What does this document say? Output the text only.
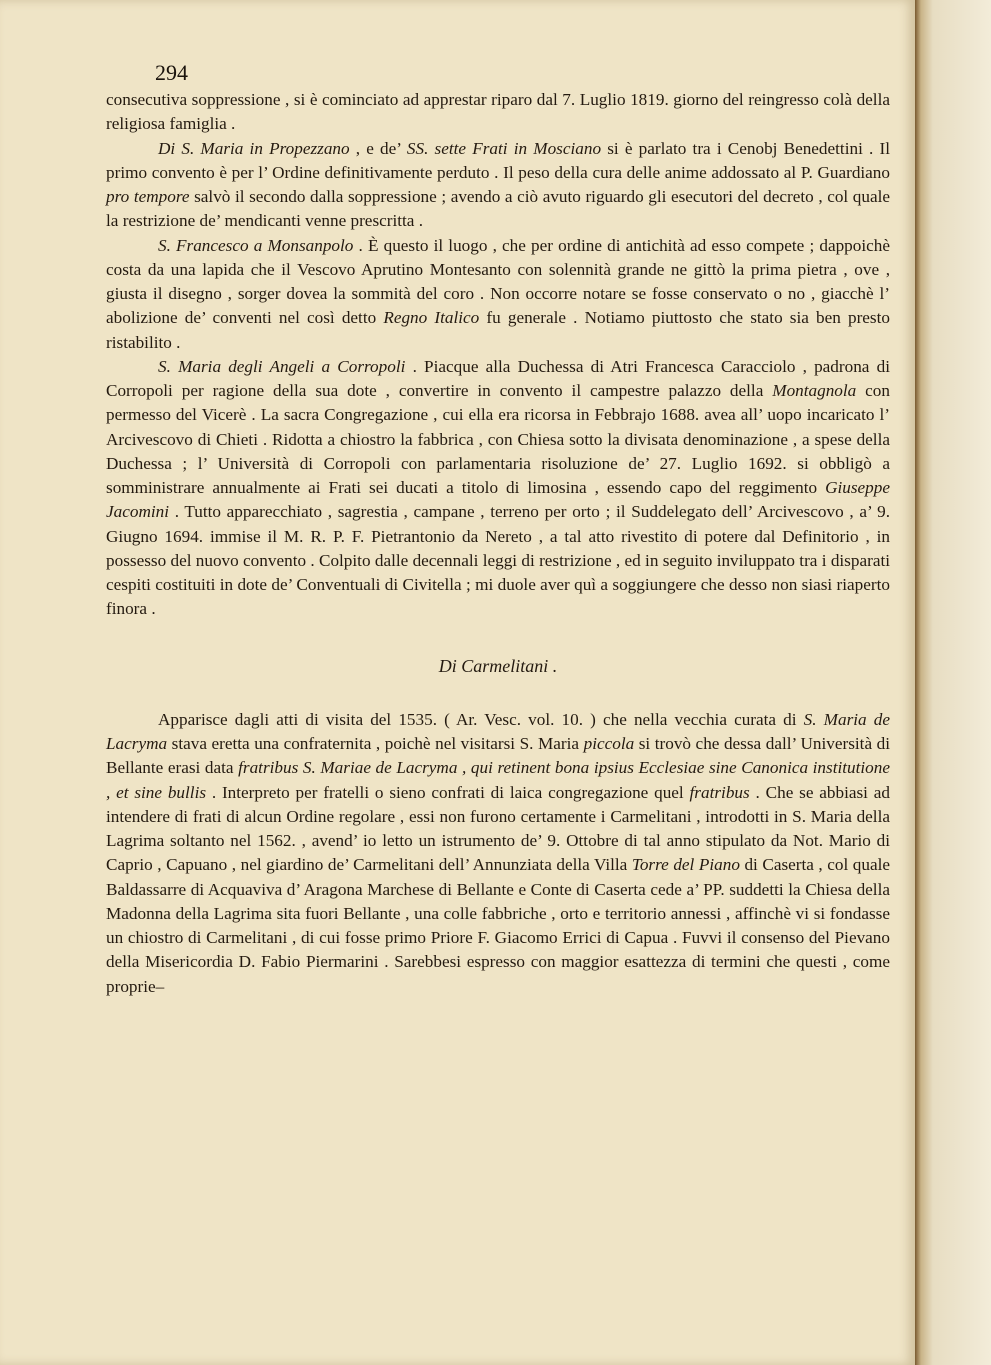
294

consecutiva soppressione , si è cominciato ad apprestar riparo dal 7. Luglio 1819. giorno del reingresso colà della religiosa famiglia .

Di S. Maria in Propezzano , e de’ SS. sette Frati in Mosciano si è parlato tra i Cenobj Benedettini . Il primo convento è per l’ Ordine definitivamente perduto . Il peso della cura delle anime addossato al P. Guardiano pro tempore salvò il secondo dalla soppressione ; avendo a ciò avuto riguardo gli esecutori del decreto , col quale la restrizione de’ mendicanti venne prescritta .

S. Francesco a Monsanpolo . È questo il luogo , che per ordine di antichità ad esso compete ; dappoichè costa da una lapida che il Vescovo Aprutino Montesanto con solennità grande ne gittò la prima pietra , ove , giusta il disegno , sorger dovea la sommità del coro . Non occorre notare se fosse conservato o no , giacchè l’ abolizione de’ conventi nel così detto Regno Italico fu generale . Notiamo piuttosto che stato sia ben presto ristabilito .

S. Maria degli Angeli a Corropoli . Piacque alla Duchessa di Atri Francesca Caracciolo , padrona di Corropoli per ragione della sua dote , convertire in convento il campestre palazzo della Montagnola con permesso del Vicerè . La sacra Congregazione , cui ella era ricorsa in Febbrajo 1688. avea all’ uopo incaricato l’ Arcivescovo di Chieti . Ridotta a chiostro la fabbrica , con Chiesa sotto la divisata denominazione , a spese della Duchessa ; l’ Università di Corropoli con parlamentaria risoluzione de’ 27. Luglio 1692. si obbligò a somministrare annualmente ai Frati sei ducati a titolo di limosina , essendo capo del reggimento Giuseppe Jacomini . Tutto apparecchiato , sagrestia , campane , terreno per orto ; il Suddelegato dell’ Arcivescovo , a’ 9. Giugno 1694. immise il M. R. P. F. Pietrantonio da Nereto , a tal atto rivestito di potere dal Definitorio , in possesso del nuovo convento . Colpito dalle decennali leggi di restrizione , ed in seguito inviluppato tra i disparati cespiti costituiti in dote de’ Conventuali di Civitella ; mi duole aver quì a soggiungere che desso non siasi riaperto finora .

Di Carmelitani .

Apparisce dagli atti di visita del 1535. ( Ar. Vesc. vol. 10. ) che nella vecchia curata di S. Maria de Lacryma stava eretta una confraternita , poichè nel visitarsi S. Maria piccola si trovò che dessa dall’ Università di Bellante erasi data fratribus S. Mariae de Lacryma , qui retinent bona ipsius Ecclesiae sine Canonica institutione , et sine bullis . Interpreto per fratelli o sieno confrati di laica congregazione quel fratribus . Che se abbiasi ad intendere di frati di alcun Ordine regolare , essi non furono certamente i Carmelitani , introdotti in S. Maria della Lagrima soltanto nel 1562. , avend’ io letto un istrumento de’ 9. Ottobre di tal anno stipulato da Not. Mario di Caprio , Capuano , nel giardino de’ Carmelitani dell’ Annunziata della Villa Torre del Piano di Caserta , col quale Baldassarre di Acquaviva d’ Aragona Marchese di Bellante e Conte di Caserta cede a’ PP. suddetti la Chiesa della Madonna della Lagrima sita fuori Bellante , una colle fabbriche , orto e territorio annessi , affinchè vi si fondasse un chiostro di Carmelitani , di cui fosse primo Priore F. Giacomo Errici di Capua . Fuvvi il consenso del Pievano della Misericordia D. Fabio Piermarini . Sarebbesi espresso con maggior esattezza di termini che questi , come proprie–
